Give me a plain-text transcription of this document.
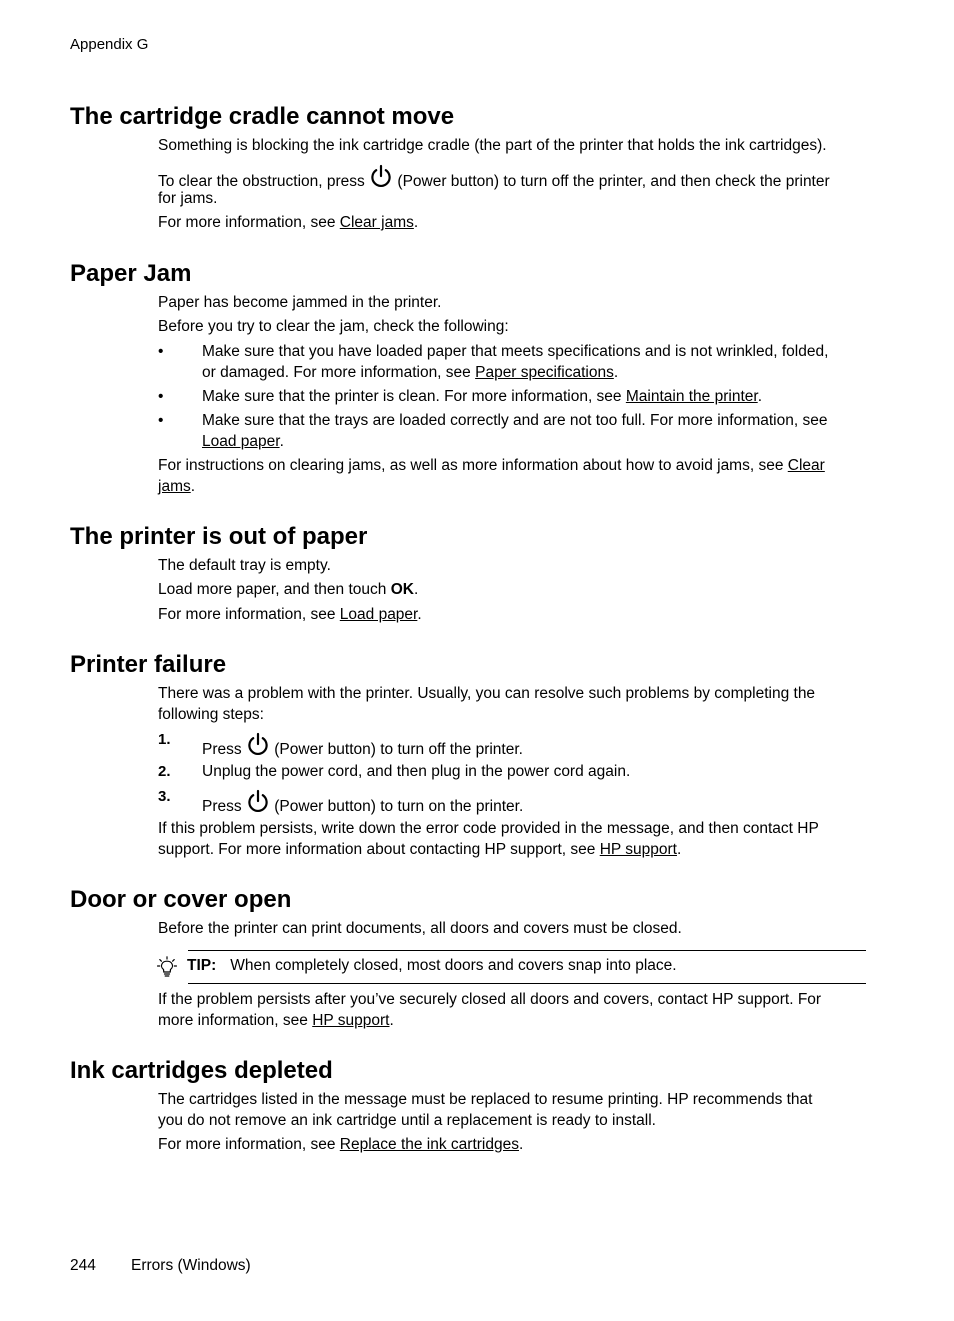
Appendix G
The cartridge cradle cannot move

Something is blocking the ink cartridge cradle (the part of the printer that holds the ink cartridges).

To clear the obstruction, press (Power button) to turn off the printer, and then check the printer

for jams.

For more information, see Clear jams.

Paper Jam

Paper has become jammed in the printer.

Before you try to clear the jam, check the following:

• Make sure that you have loaded paper that meets specifications and is not wrinkled, folded,
or damaged. For more information, see Paper specifications.
• Make sure that the printer is clean. For more information, see Maintain the printer.
• Make sure that the trays are loaded correctly and are not too full. For more information, see
Load paper.
For instructions on clearing jams, as well as more information about how to avoid jams, see Clear
jams.
The printer is out of paper

The default tray is empty.

Load more paper, and then touch OK.

For more information, see Load paper.

Printer failure
There was a problem with the printer. Usually, you can resolve such problems by completing the
following steps:
1.
Press (Power button) to turn off the printer.
2. Unplug the power cord, and then plug in the power cord again.
3.
Press (Power button) to turn on the printer.
If this problem persists, write down the error code provided in the message, and then contact HP
support. For more information about contacting HP support, see HP support.
Door or cover open

Before the printer can print documents, all doors and covers must be closed.

TIP: When completely closed, most doors and covers snap into place.
If the problem persists after you’ve securely closed all doors and covers, contact HP support. For
more information, see HP support.
Ink cartridges depleted
The cartridges listed in the message must be replaced to resume printing. HP recommends that
you do not remove an ink cartridge until a replacement is ready to install.

For more information, see Replace the ink cartridges.

244 Errors (Windows)
